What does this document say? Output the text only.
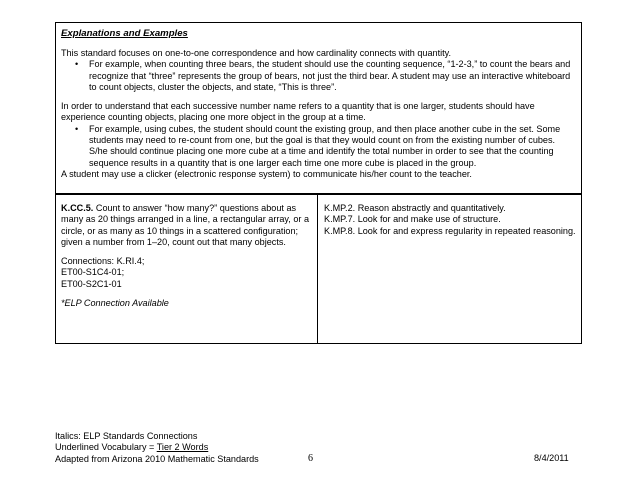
Explanations and Examples

This standard focuses on one-to-one correspondence and how cardinality connects with quantity.

• For example, when counting three bears, the student should use the counting sequence, “1-2-3,” to count the bears and recognize that “three” represents the group of bears, not just the third bear. A student may use an interactive whiteboard to count objects, cluster the objects, and state, “This is three”.

In order to understand that each successive number name refers to a quantity that is one larger, students should have experience counting objects, placing one more object in the group at a time.

• For example, using cubes, the student should count the existing group, and then place another cube in the set. Some students may need to re-count from one, but the goal is that they would count on from the existing number of cubes. S/he should continue placing one more cube at a time and identify the total number in order to see that the counting sequence results in a quantity that is one larger each time one more cube is placed in the group.

A student may use a clicker (electronic response system) to communicate his/her count to the teacher.

K.CC.5. Count to answer “how many?” questions about as many as 20 things arranged in a line, a rectangular array, or a circle, or as many as 10 things in a scattered configuration; given a number from 1–20, count out that many objects.

Connections: K.RI.4;

ET00-S1C4-01;

ET00-S2C1-01

*ELP Connection Available

K.MP.2. Reason abstractly and quantitatively.

K.MP.7. Look for and make use of structure.

K.MP.8. Look for and express regularity in repeated reasoning.

Italics: ELP Standards Connections
Underlined Vocabulary = Tier 2 Words
Adapted from Arizona 2010 Mathematic Standards	6	8/4/2011
